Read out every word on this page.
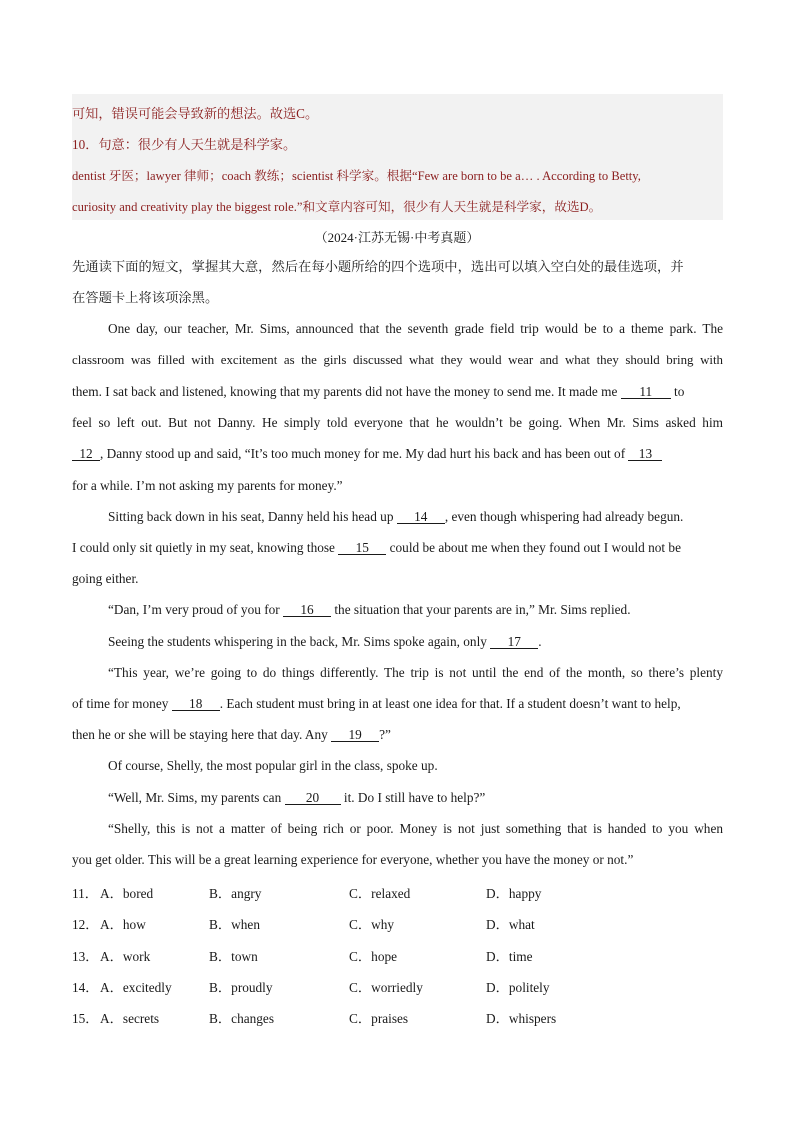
可知，错误可能会导致新的想法。故选C。
10．句意：很少有人天生就是科学家。
dentist 牙医；lawyer 律师；coach 教练；scientist 科学家。根据“Few are born to be a… . According to Betty,
curiosity and creativity play the biggest role.”和文章内容可知，很少有人天生就是科学家，故选D。
（2024·江苏无锡·中考真题）
先通读下面的短文，掌握其大意，然后在每小题所给的四个选项中，选出可以填入空白处的最佳选项，并
在答题卡上将该项涂黑。
One day, our teacher, Mr. Sims, announced that the seventh grade field trip would be to a theme park. The
classroom was filled with excitement as the girls discussed what they would wear and what they should bring with
them. I sat back and listened, knowing that my parents did not have the money to send me. It made me 11 to
feel so left out. But not Danny. He simply told everyone that he wouldn’t be going. When Mr. Sims asked him
12 , Danny stood up and said, “It’s too much money for me. My dad hurt his back and has been out of 13
for a while. I’m not asking my parents for money.”
Sitting back down in his seat, Danny held his head up 14 , even though whispering had already begun.
I could only sit quietly in my seat, knowing those 15 could be about me when they found out I would not be
going either.
“Dan, I’m very proud of you for 16 the situation that your parents are in,” Mr. Sims replied.
Seeing the students whispering in the back, Mr. Sims spoke again, only 17 .
“This year, we’re going to do things differently. The trip is not until the end of the month, so there’s plenty
of time for money 18 . Each student must bring in at least one idea for that. If a student doesn’t want to help,
then he or she will be staying here that day. Any 19 ?”
Of course, Shelly, the most popular girl in the class, spoke up.
“Well, Mr. Sims, my parents can 20 it. Do I still have to help?”
“Shelly, this is not a matter of being rich or poor. Money is not just something that is handed to you when
you get older. This will be a great learning experience for everyone, whether you have the money or not.”
11． A．bored	B．angry	C．relaxed	D．happy
12． A．how	B．when	C．why	D．what
13． A．work	B．town	C．hope	D．time
14． A．excitedly	B．proudly	C．worriedly	D．politely
15． A．secrets	B．changes	C．praises	D．whispers
